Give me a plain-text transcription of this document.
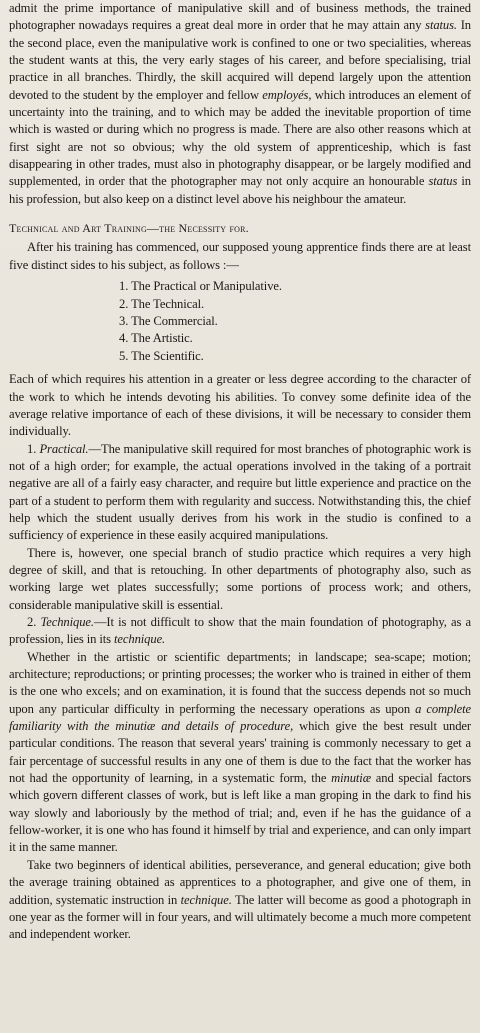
admit the prime importance of manipulative skill and of business methods, the trained photographer nowadays requires a great deal more in order that he may attain any status. In the second place, even the manipulative work is confined to one or two specialities, whereas the student wants at this, the very early stages of his career, and before specialising, trial practice in all branches. Thirdly, the skill acquired will depend largely upon the attention devoted to the student by the employer and fellow employés, which introduces an element of uncertainty into the training, and to which may be added the inevitable proportion of time which is wasted or during which no progress is made. There are also other reasons which at first sight are not so obvious; why the old system of apprenticeship, which is fast disappearing in other trades, must also in photography disappear, or be largely modified and supplemented, in order that the photographer may not only acquire an honourable status in his profession, but also keep on a distinct level above his neighbour the amateur.

Technical and Art Training—the Necessity for.

After his training has commenced, our supposed young apprentice finds there are at least five distinct sides to his subject, as follows :—

1. The Practical or Manipulative.
2. The Technical.
3. The Commercial.
4. The Artistic.
5. The Scientific.

Each of which requires his attention in a greater or less degree according to the character of the work to which he intends devoting his abilities. To convey some definite idea of the average relative importance of each of these divisions, it will be necessary to consider them individually.

1. Practical.—The manipulative skill required for most branches of photographic work is not of a high order; for example, the actual operations involved in the taking of a portrait negative are all of a fairly easy character, and require but little experience and practice on the part of a student to perform them with regularity and success. Notwithstanding this, the chief help which the student usually derives from his work in the studio is confined to a sufficiency of experience in these easily acquired manipulations.

There is, however, one special branch of studio practice which requires a very high degree of skill, and that is retouching. In other departments of photography also, such as working large wet plates successfully; some portions of process work; and others, considerable manipulative skill is essential.

2. Technique.—It is not difficult to show that the main foundation of photography, as a profession, lies in its technique.

Whether in the artistic or scientific departments; in landscape; sea-scape; motion; architecture; reproductions; or printing processes; the worker who is trained in either of them is the one who excels; and on examination, it is found that the success depends not so much upon any particular difficulty in performing the necessary operations as upon a complete familiarity with the minutiæ and details of procedure, which give the best result under particular conditions. The reason that several years' training is commonly necessary to get a fair percentage of successful results in any one of them is due to the fact that the worker has not had the opportunity of learning, in a systematic form, the minutiæ and special factors which govern different classes of work, but is left like a man groping in the dark to find his way slowly and laboriously by the method of trial; and, even if he has the guidance of a fellow-worker, it is one who has found it himself by trial and experience, and can only impart it in the same manner.

Take two beginners of identical abilities, perseverance, and general education; give both the average training obtained as apprentices to a photographer, and give one of them, in addition, systematic instruction in technique. The latter will become as good a photograph in one year as the former will in four years, and will ultimately become a much more competent and independent worker.
